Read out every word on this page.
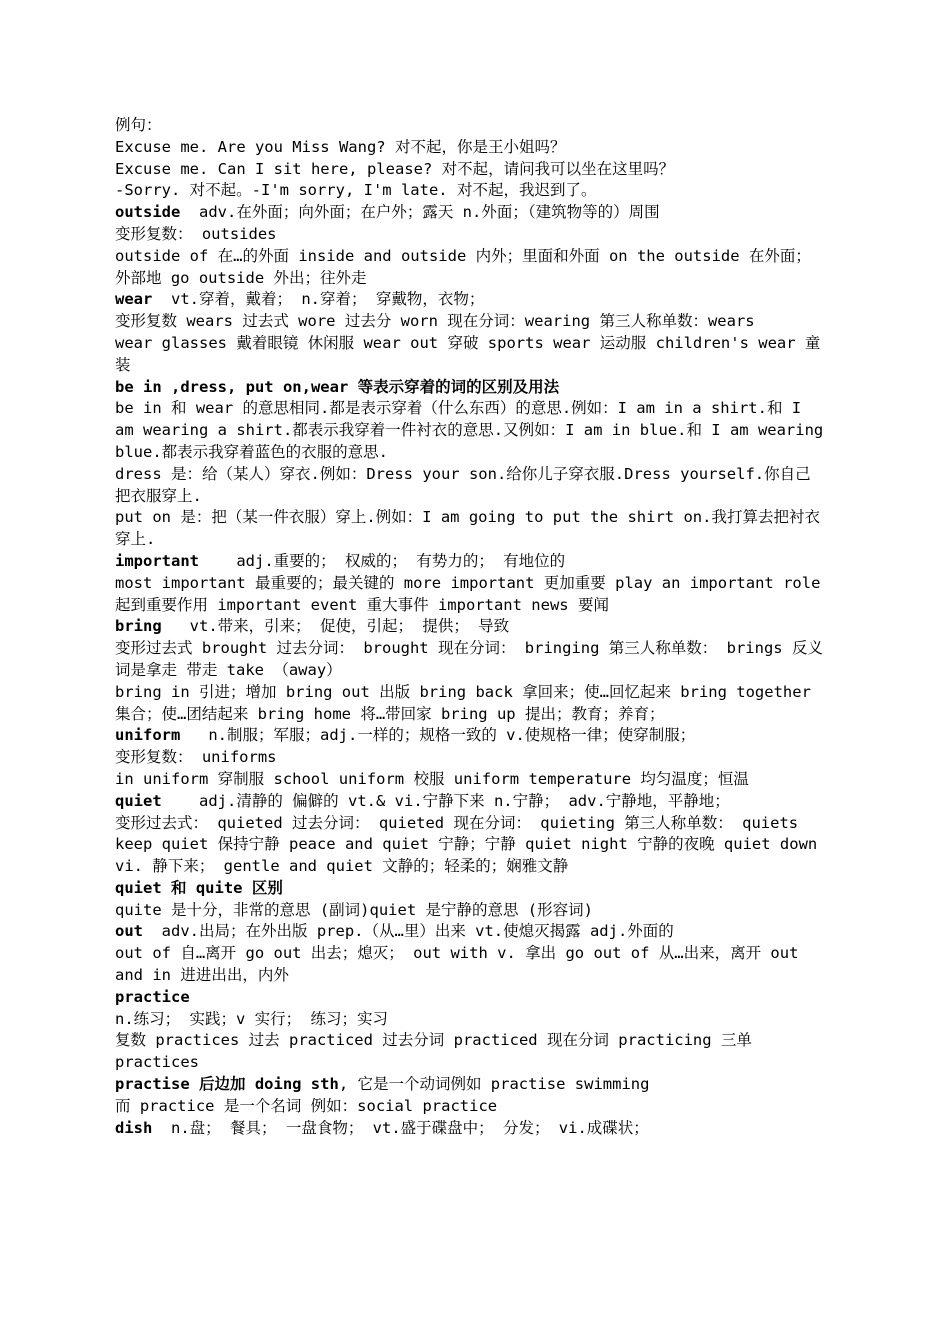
例句：

Excuse me. Are you Miss Wang? 对不起，你是王小姐吗？

Excuse me. Can I sit here, please? 对不起，请问我可以坐在这里吗？

-Sorry. 对不起。-I'm sorry, I'm late. 对不起，我迟到了。

outside  adv.在外面；向外面；在户外；露天 n.外面；（建筑物等的）周围

变形复数： outsides

outside of 在…的外面 inside and outside 内外；里面和外面 on the outside 在外面；外部地 go outside 外出；往外走

wear  vt.穿着，戴着； n.穿着； 穿戴物，衣物；

变形复数 wears 过去式 wore 过去分 worn 现在分词：wearing 第三人称单数：wears

wear glasses 戴着眼镜 休闲服 wear out 穿破 sports wear 运动服 children's wear 童装

be in ,dress, put on,wear 等表示穿着的词的区别及用法

be in 和 wear 的意思相同.都是表示穿着（什么东西）的意思.例如：I am in a shirt.和 I am wearing a shirt.都表示我穿着一件衬衣的意思.又例如：I am in blue.和 I am wearing blue.都表示我穿着蓝色的衣服的意思.

dress 是：给（某人）穿衣.例如：Dress your son.给你儿子穿衣服.Dress yourself.你自己把衣服穿上.

put on 是：把（某一件衣服）穿上.例如：I am going to put the shirt on.我打算去把衬衣穿上.

important    adj.重要的； 权威的； 有势力的； 有地位的

most important 最重要的；最关键的 more important 更加重要 play an important role 起到重要作用 important event 重大事件 important news 要闻

bring   vt.带来，引来； 促使，引起； 提供； 导致

变形过去式 brought 过去分词： brought 现在分词： bringing 第三人称单数： brings 反义词是拿走 带走 take （away）

bring in 引进；增加 bring out 出版 bring back 拿回来；使…回忆起来 bring together 集合；使…团结起来 bring home 将…带回家 bring up 提出；教育；养育；

uniform   n.制服；军服；adj.一样的；规格一致的 v.使规格一律；使穿制服；

变形复数： uniforms

in uniform 穿制服 school uniform 校服 uniform temperature 均匀温度；恒温

quiet    adj.清静的 偏僻的 vt.& vi.宁静下来 n.宁静； adv.宁静地，平静地；

变形过去式： quieted 过去分词： quieted 现在分词： quieting 第三人称单数： quiets

keep quiet 保持宁静 peace and quiet 宁静；宁静 quiet night 宁静的夜晚 quiet down vi. 静下来； gentle and quiet 文静的；轻柔的；娴雅文静

quiet 和 quite 区别

quite 是十分，非常的意思 (副词)quiet 是宁静的意思 (形容词)

out  adv.出局；在外出版 prep.（从…里）出来 vt.使熄灭揭露 adj.外面的

out of 自…离开 go out 出去；熄灭； out with v. 拿出 go out of 从…出来，离开 out and in 进进出出，内外

practice

n.练习； 实践；v 实行； 练习；实习

复数 practices 过去 practiced 过去分词 practiced 现在分词 practicing 三单 practices

practise 后边加 doing sth, 它是一个动词例如 practise swimming

而 practice 是一个名词 例如：social practice

dish  n.盘； 餐具； 一盘食物； vt.盛于碟盘中； 分发； vi.成碟状；
